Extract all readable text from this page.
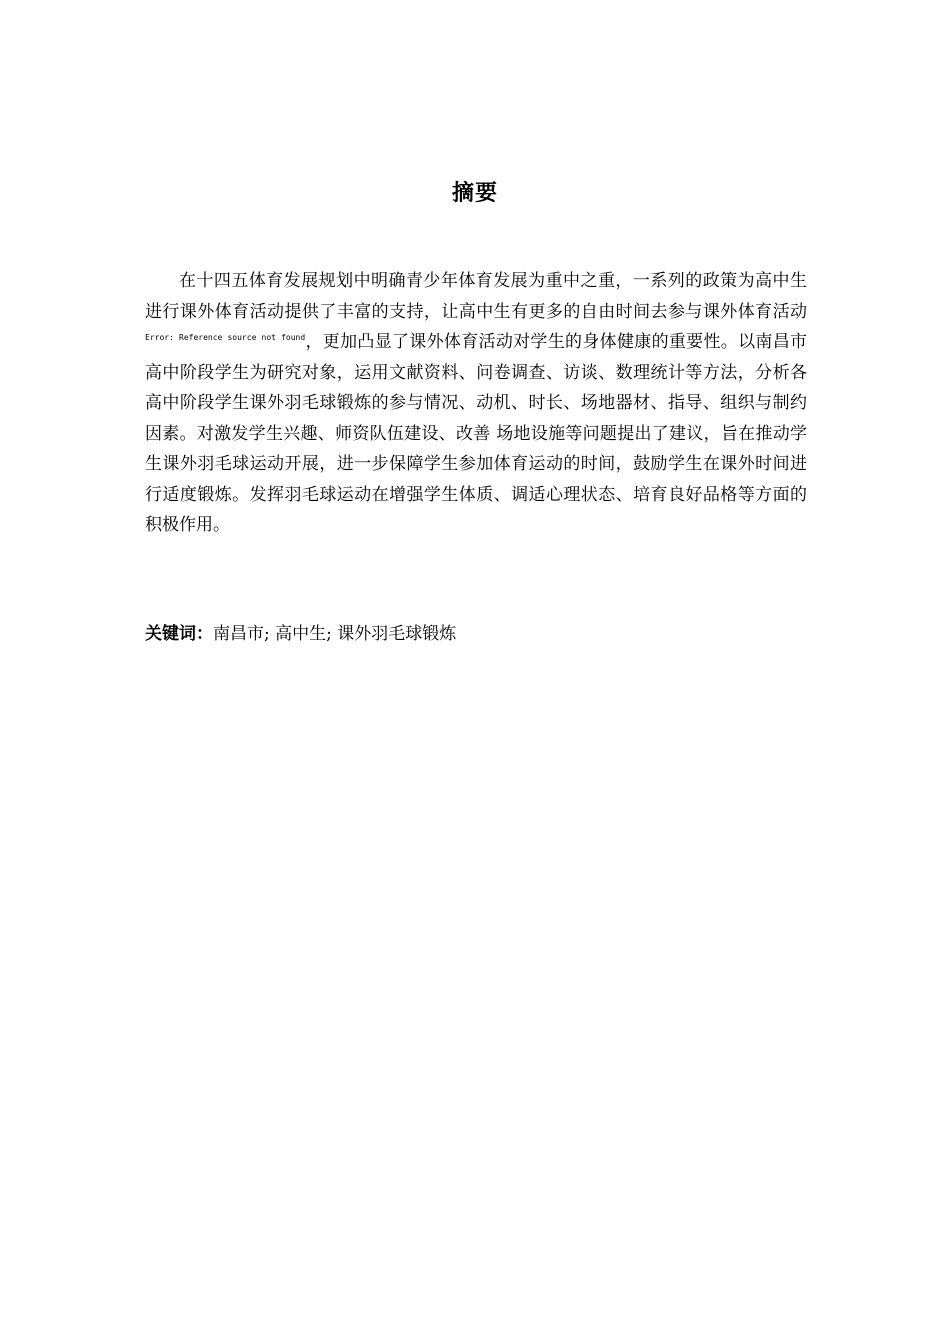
摘要

在十四五体育发展规划中明确青少年体育发展为重中之重，一系列的政策为高中生进行课外体育活动提供了丰富的支持，让高中生有更多的自由时间去参与课外体育活动$^{Error: Reference source not found}$，更加凸显了课外体育活动对学生的身体健康的重要性。以南昌市高中阶段学生为研究对象，运用文献资料、问卷调查、访谈、数理统计等方法，分析各高中阶段学生课外羽毛球锻炼的参与情况、动机、时长、场地器材、指导、组织与制约因素。对激发学生兴趣、师资队伍建设、改善 场地设施等问题提出了建议，旨在推动学生课外羽毛球运动开展，进一步保障学生参加体育运动的时间，鼓励学生在课外时间进行适度锻炼。发挥羽毛球运动在增强学生体质、调适心理状态、培育良好品格等方面的积极作用。

关键词：南昌市; 高中生; 课外羽毛球锻炼
